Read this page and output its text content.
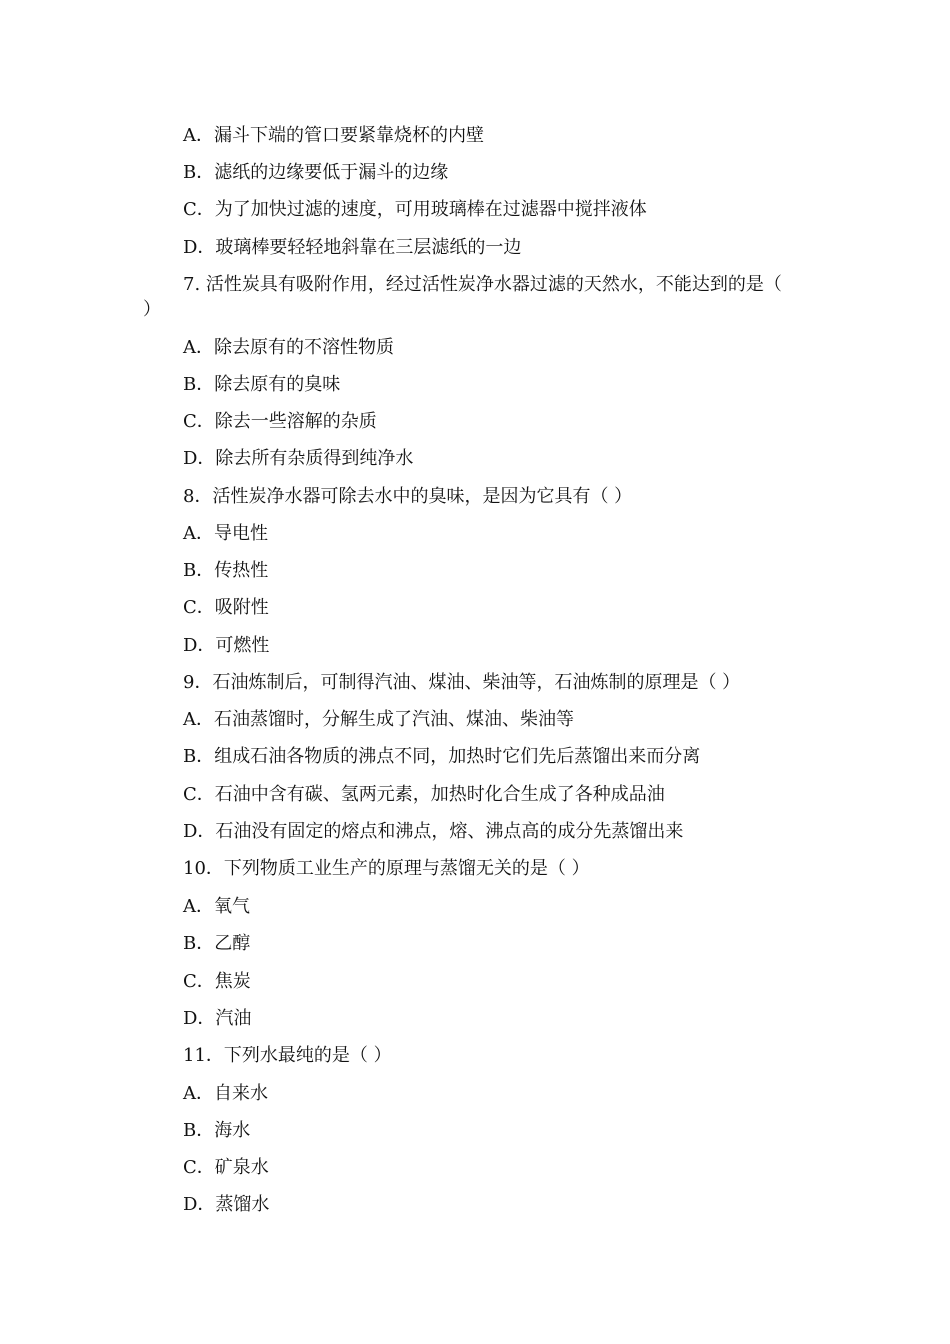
A．漏斗下端的管口要紧靠烧杯的内壁
B．滤纸的边缘要低于漏斗的边缘
C．为了加快过滤的速度，可用玻璃棒在过滤器中搅拌液体
D．玻璃棒要轻轻地斜靠在三层滤纸的一边
7. 活性炭具有吸附作用，经过活性炭净水器过滤的天然水，不能达到的是（
）
A．除去原有的不溶性物质
B．除去原有的臭味
C．除去一些溶解的杂质
D．除去所有杂质得到纯净水
8．活性炭净水器可除去水中的臭味，是因为它具有（ ）
A．导电性
B．传热性
C．吸附性
D．可燃性
9．石油炼制后，可制得汽油、煤油、柴油等，石油炼制的原理是（ ）
A．石油蒸馏时，分解生成了汽油、煤油、柴油等
B．组成石油各物质的沸点不同，加热时它们先后蒸馏出来而分离
C．石油中含有碳、氢两元素，加热时化合生成了各种成品油
D．石油没有固定的熔点和沸点，熔、沸点高的成分先蒸馏出来
10．下列物质工业生产的原理与蒸馏无关的是（ ）
A．氧气
B．乙醇
C．焦炭
D．汽油
11．下列水最纯的是（ ）
A．自来水
B．海水
C．矿泉水
D．蒸馏水
